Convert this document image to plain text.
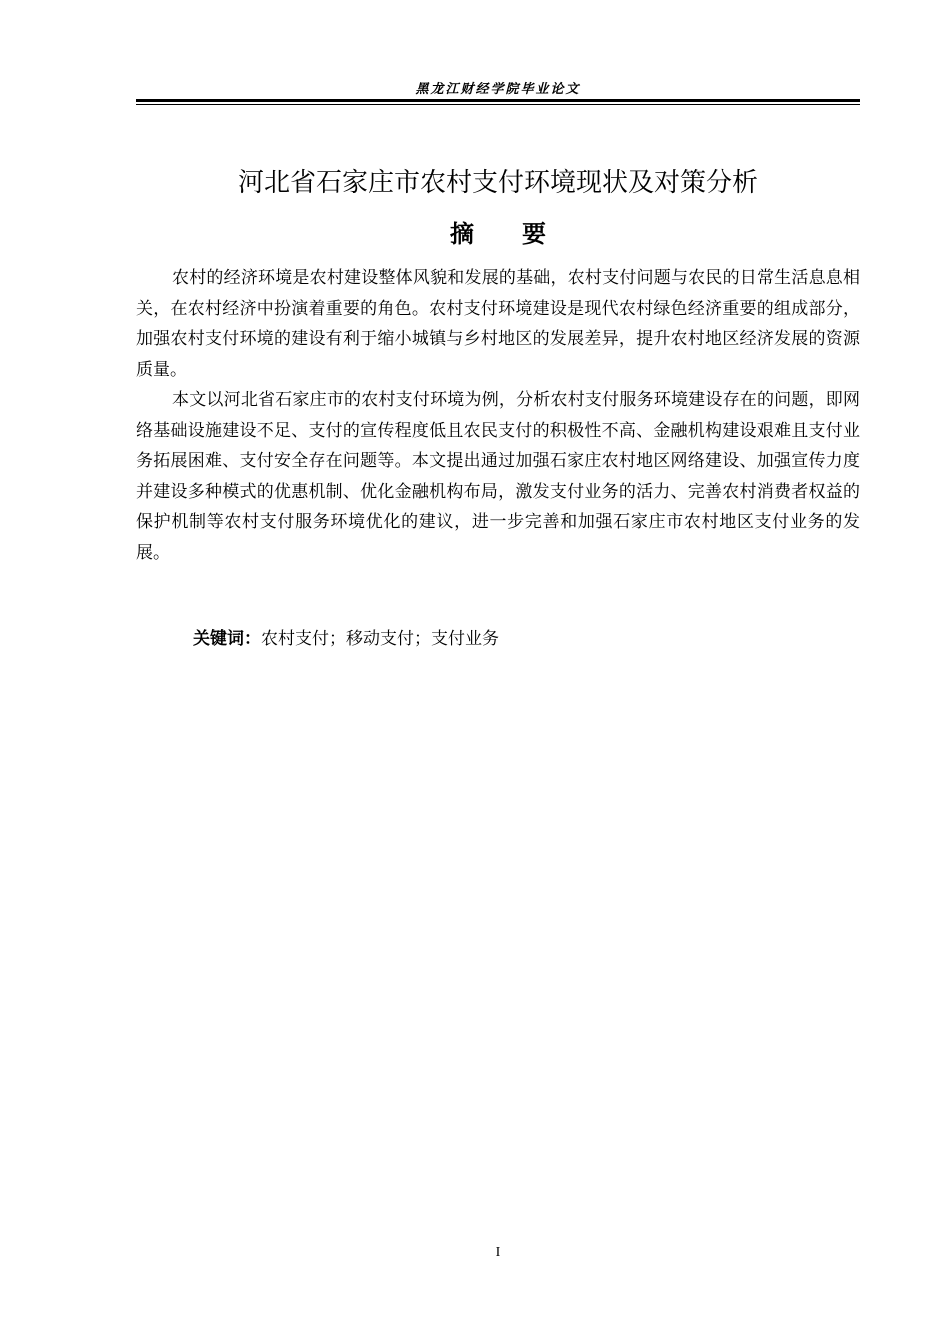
黑龙江财经学院毕业论文
河北省石家庄市农村支付环境现状及对策分析
摘要

农村的经济环境是农村建设整体风貌和发展的基础，农村支付问题与农民的日常生活息息相关，在农村经济中扮演着重要的角色。农村支付环境建设是现代农村绿色经济重要的组成部分，加强农村支付环境的建设有利于缩小城镇与乡村地区的发展差异，提升农村地区经济发展的资源质量。

本文以河北省石家庄市的农村支付环境为例，分析农村支付服务环境建设存在的问题，即网络基础设施建设不足、支付的宣传程度低且农民支付的积极性不高、金融机构建设艰难且支付业务拓展困难、支付安全存在问题等。本文提出通过加强石家庄农村地区网络建设、加强宣传力度并建设多种模式的优惠机制、优化金融机构布局，激发支付业务的活力、完善农村消费者权益的保护机制等农村支付服务环境优化的建议，进一步完善和加强石家庄市农村地区支付业务的发展。

关键词：农村支付；移动支付；支付业务
I
